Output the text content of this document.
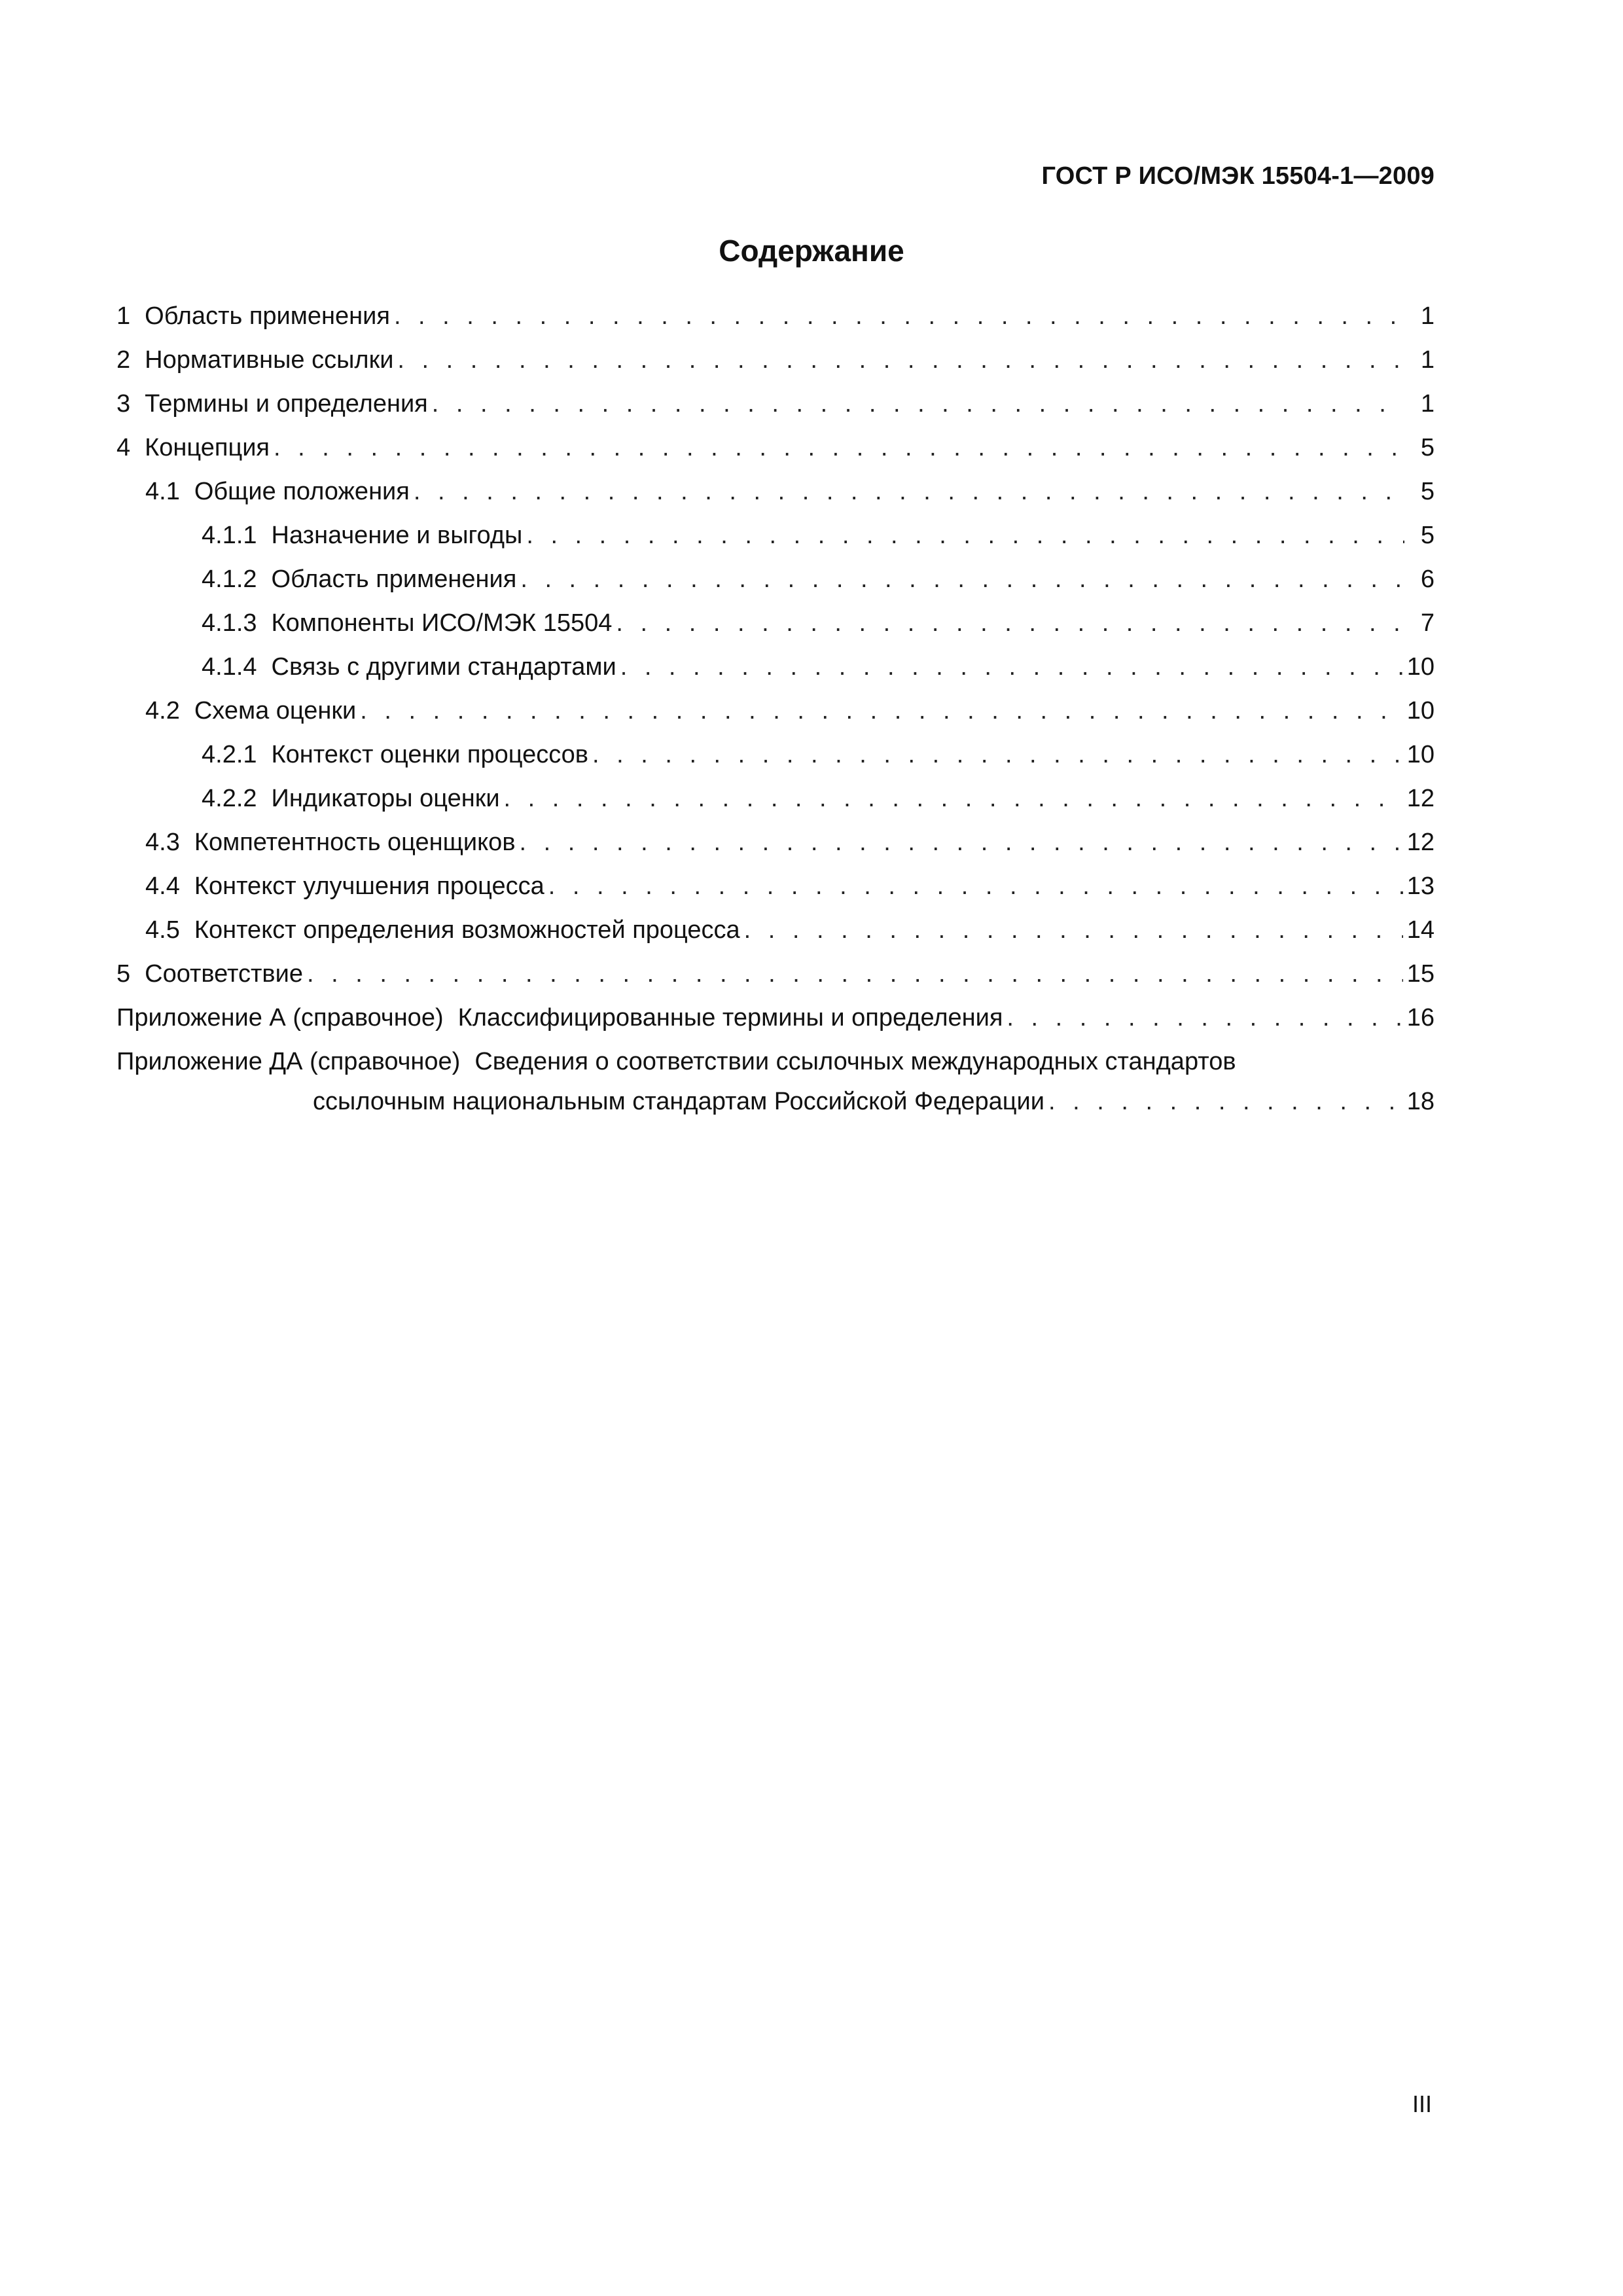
ГОСТ Р ИСО/МЭК 15504-1—2009
Содержание
1 Область применения . . .	1
2 Нормативные ссылки . . .	1
3 Термины и определения . . .	1
4 Концепция . . .	5
4.1 Общие положения . . .	5
4.1.1 Назначение и выгоды . . .	5
4.1.2 Область применения . . .	6
4.1.3 Компоненты ИСО/МЭК 15504 . . .	7
4.1.4 Связь с другими стандартами . . .	10
4.2 Схема оценки . . .	10
4.2.1 Контекст оценки процессов . . .	10
4.2.2 Индикаторы оценки . . .	12
4.3 Компетентность оценщиков . . .	12
4.4 Контекст улучшения процесса . . .	13
4.5 Контекст определения возможностей процесса . . .	14
5 Соответствие . . .	15
Приложение А (справочное) Классифицированные термины и определения . . .	16
Приложение ДА (справочное) Сведения о соответствии ссылочных международных стандартов
ссылочным национальным стандартам Российской Федерации . . .	18
III
